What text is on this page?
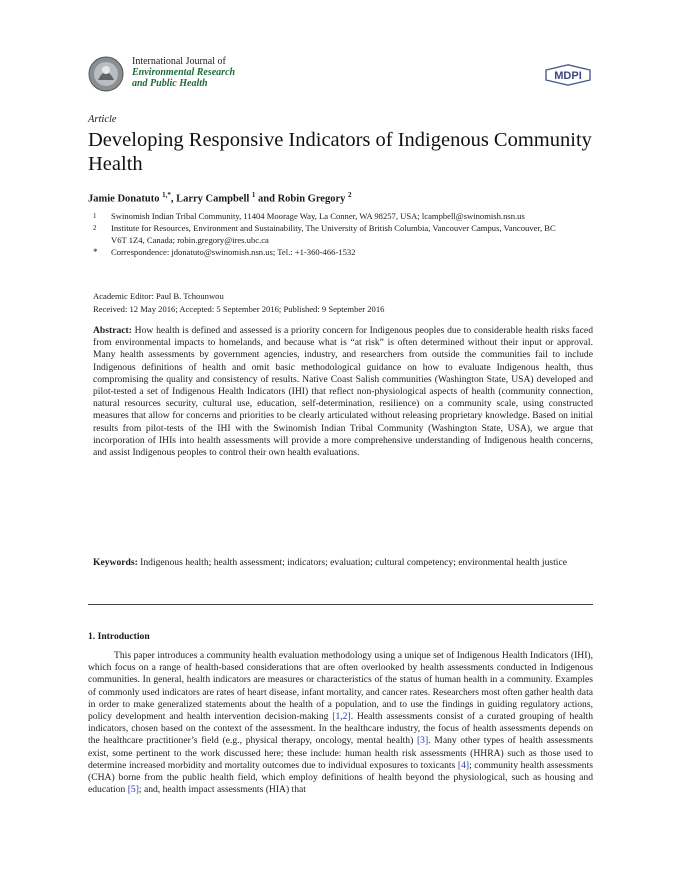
International Journal of
Environmental Research
and Public Health
MDPI
Article
Developing Responsive Indicators of Indigenous Community Health
Jamie Donatuto $^{1,*}$, Larry Campbell $^1$ and Robin Gregory $^2$
1	Swinomish Indian Tribal Community, 11404 Moorage Way, La Conner, WA 98257, USA; lcampbell@swinomish.nsn.us
2	Institute for Resources, Environment and Sustainability, The University of British Columbia, Vancouver Campus, Vancouver, BC V6T 1Z4, Canada; robin.gregory@ires.ubc.ca
*	Correspondence: jdonatuto@swinomish.nsn.us; Tel.: +1-360-466-1532
Academic Editor: Paul B. Tchounwou
Received: 12 May 2016; Accepted: 5 September 2016; Published: 9 September 2016

Abstract: How health is defined and assessed is a priority concern for Indigenous peoples due to considerable health risks faced from environmental impacts to homelands, and because what is “at risk” is often determined without their input or approval. Many health assessments by government agencies, industry, and researchers from outside the communities fail to include Indigenous definitions of health and omit basic methodological guidance on how to evaluate Indigenous health, thus compromising the quality and consistency of results. Native Coast Salish communities (Washington State, USA) developed and pilot-tested a set of Indigenous Health Indicators (IHI) that reflect non-physiological aspects of health (community connection, natural resources security, cultural use, education, self-determination, resilience) on a community scale, using constructed measures that allow for concerns and priorities to be clearly articulated without releasing proprietary knowledge. Based on initial results from pilot-tests of the IHI with the Swinomish Indian Tribal Community (Washington State, USA), we argue that incorporation of IHIs into health assessments will provide a more comprehensive understanding of Indigenous health concerns, and assist Indigenous peoples to control their own health evaluations.

Keywords: Indigenous health; health assessment; indicators; evaluation; cultural competency; environmental health justice

1. Introduction

This paper introduces a community health evaluation methodology using a unique set of Indigenous Health Indicators (IHI), which focus on a range of health-based considerations that are often overlooked by health assessments conducted in Indigenous communities. In general, health indicators are measures or characteristics of the status of human health in a community. Examples of commonly used indicators are rates of heart disease, infant mortality, and cancer rates. Researchers most often gather health data in order to make generalized statements about the health of a population, and to use the findings in guiding regulatory actions, policy development and health intervention decision-making [1,2]. Health assessments consist of a curated grouping of health indicators, chosen based on the context of the assessment. In the healthcare industry, the focus of health assessments depends on the healthcare practitioner’s field (e.g., physical therapy, oncology, mental health) [3]. Many other types of health assessments exist, some pertinent to the work discussed here; these include: human health risk assessments (HHRA) such as those used to determine increased morbidity and mortality outcomes due to individual exposures to toxicants [4]; community health assessments (CHA) borne from the public health field, which employ definitions of health beyond the physiological, such as housing and education [5]; and, health impact assessments (HIA) that
